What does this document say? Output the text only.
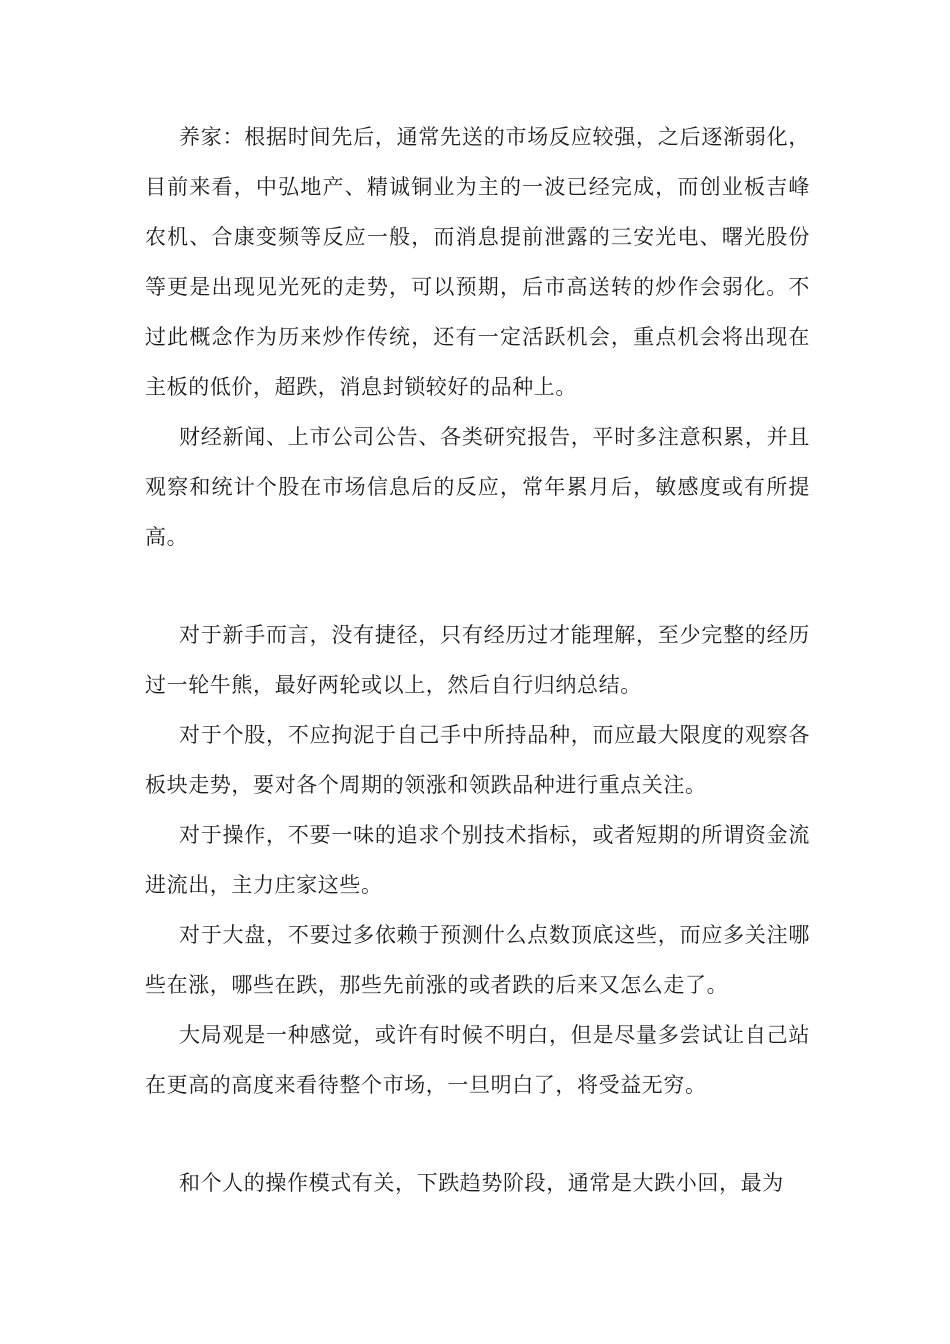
养家：根据时间先后，通常先送的市场反应较强，之后逐渐弱化，目前来看，中弘地产、精诚铜业为主的一波已经完成，而创业板吉峰农机、合康变频等反应一般，而消息提前泄露的三安光电、曙光股份等更是出现见光死的走势，可以预期，后市高送转的炒作会弱化。不过此概念作为历来炒作传统，还有一定活跃机会，重点机会将出现在主板的低价，超跌，消息封锁较好的品种上。

财经新闻、上市公司公告、各类研究报告，平时多注意积累，并且观察和统计个股在市场信息后的反应，常年累月后，敏感度或有所提高。

对于新手而言，没有捷径，只有经历过才能理解，至少完整的经历过一轮牛熊，最好两轮或以上，然后自行归纳总结。

对于个股，不应拘泥于自己手中所持品种，而应最大限度的观察各板块走势，要对各个周期的领涨和领跌品种进行重点关注。

对于操作，不要一味的追求个别技术指标，或者短期的所谓资金流进流出，主力庄家这些。

对于大盘，不要过多依赖于预测什么点数顶底这些，而应多关注哪些在涨，哪些在跌，那些先前涨的或者跌的后来又怎么走了。

大局观是一种感觉，或许有时候不明白，但是尽量多尝试让自己站在更高的高度来看待整个市场，一旦明白了，将受益无穷。

和个人的操作模式有关，下跌趋势阶段，通常是大跌小回，最为
